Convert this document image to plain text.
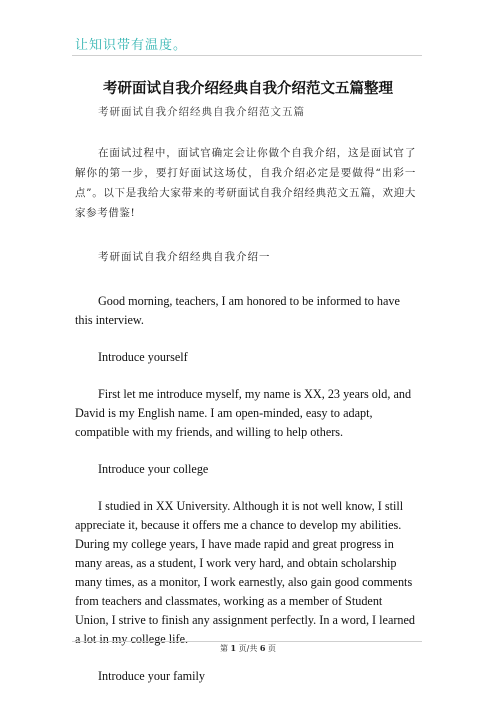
让知识带有温度。
考研面试自我介绍经典自我介绍范文五篇整理
考研面试自我介绍经典自我介绍范文五篇
在面试过程中，面试官确定会让你做个自我介绍，这是面试官了解你的第一步，要打好面试这场仗，自我介绍必定是要做得“出彩一点”。以下是我给大家带来的考研面试自我介绍经典范文五篇，欢迎大家参考借鉴!
考研面试自我介绍经典自我介绍一

Good morning, teachers, I am honored to be informed to have this interview.

Introduce yourself

First let me introduce myself, my name is XX, 23 years old, and David is my English name. I am open-minded, easy to adapt, compatible with my friends, and willing to help others.

Introduce your college

I studied in XX University. Although it is not well know, I still appreciate it, because it offers me a chance to develop my abilities. During my college years, I have made rapid and great progress in many areas, as a student, I work very hard, and obtain scholarship many times, as a monitor, I work earnestly, also gain good comments from teachers and classmates, working as a member of Student Union, I strive to finish any assignment perfectly. In a word, I learned a lot in my college life.

Introduce your family

第 1 页/共 6 页
